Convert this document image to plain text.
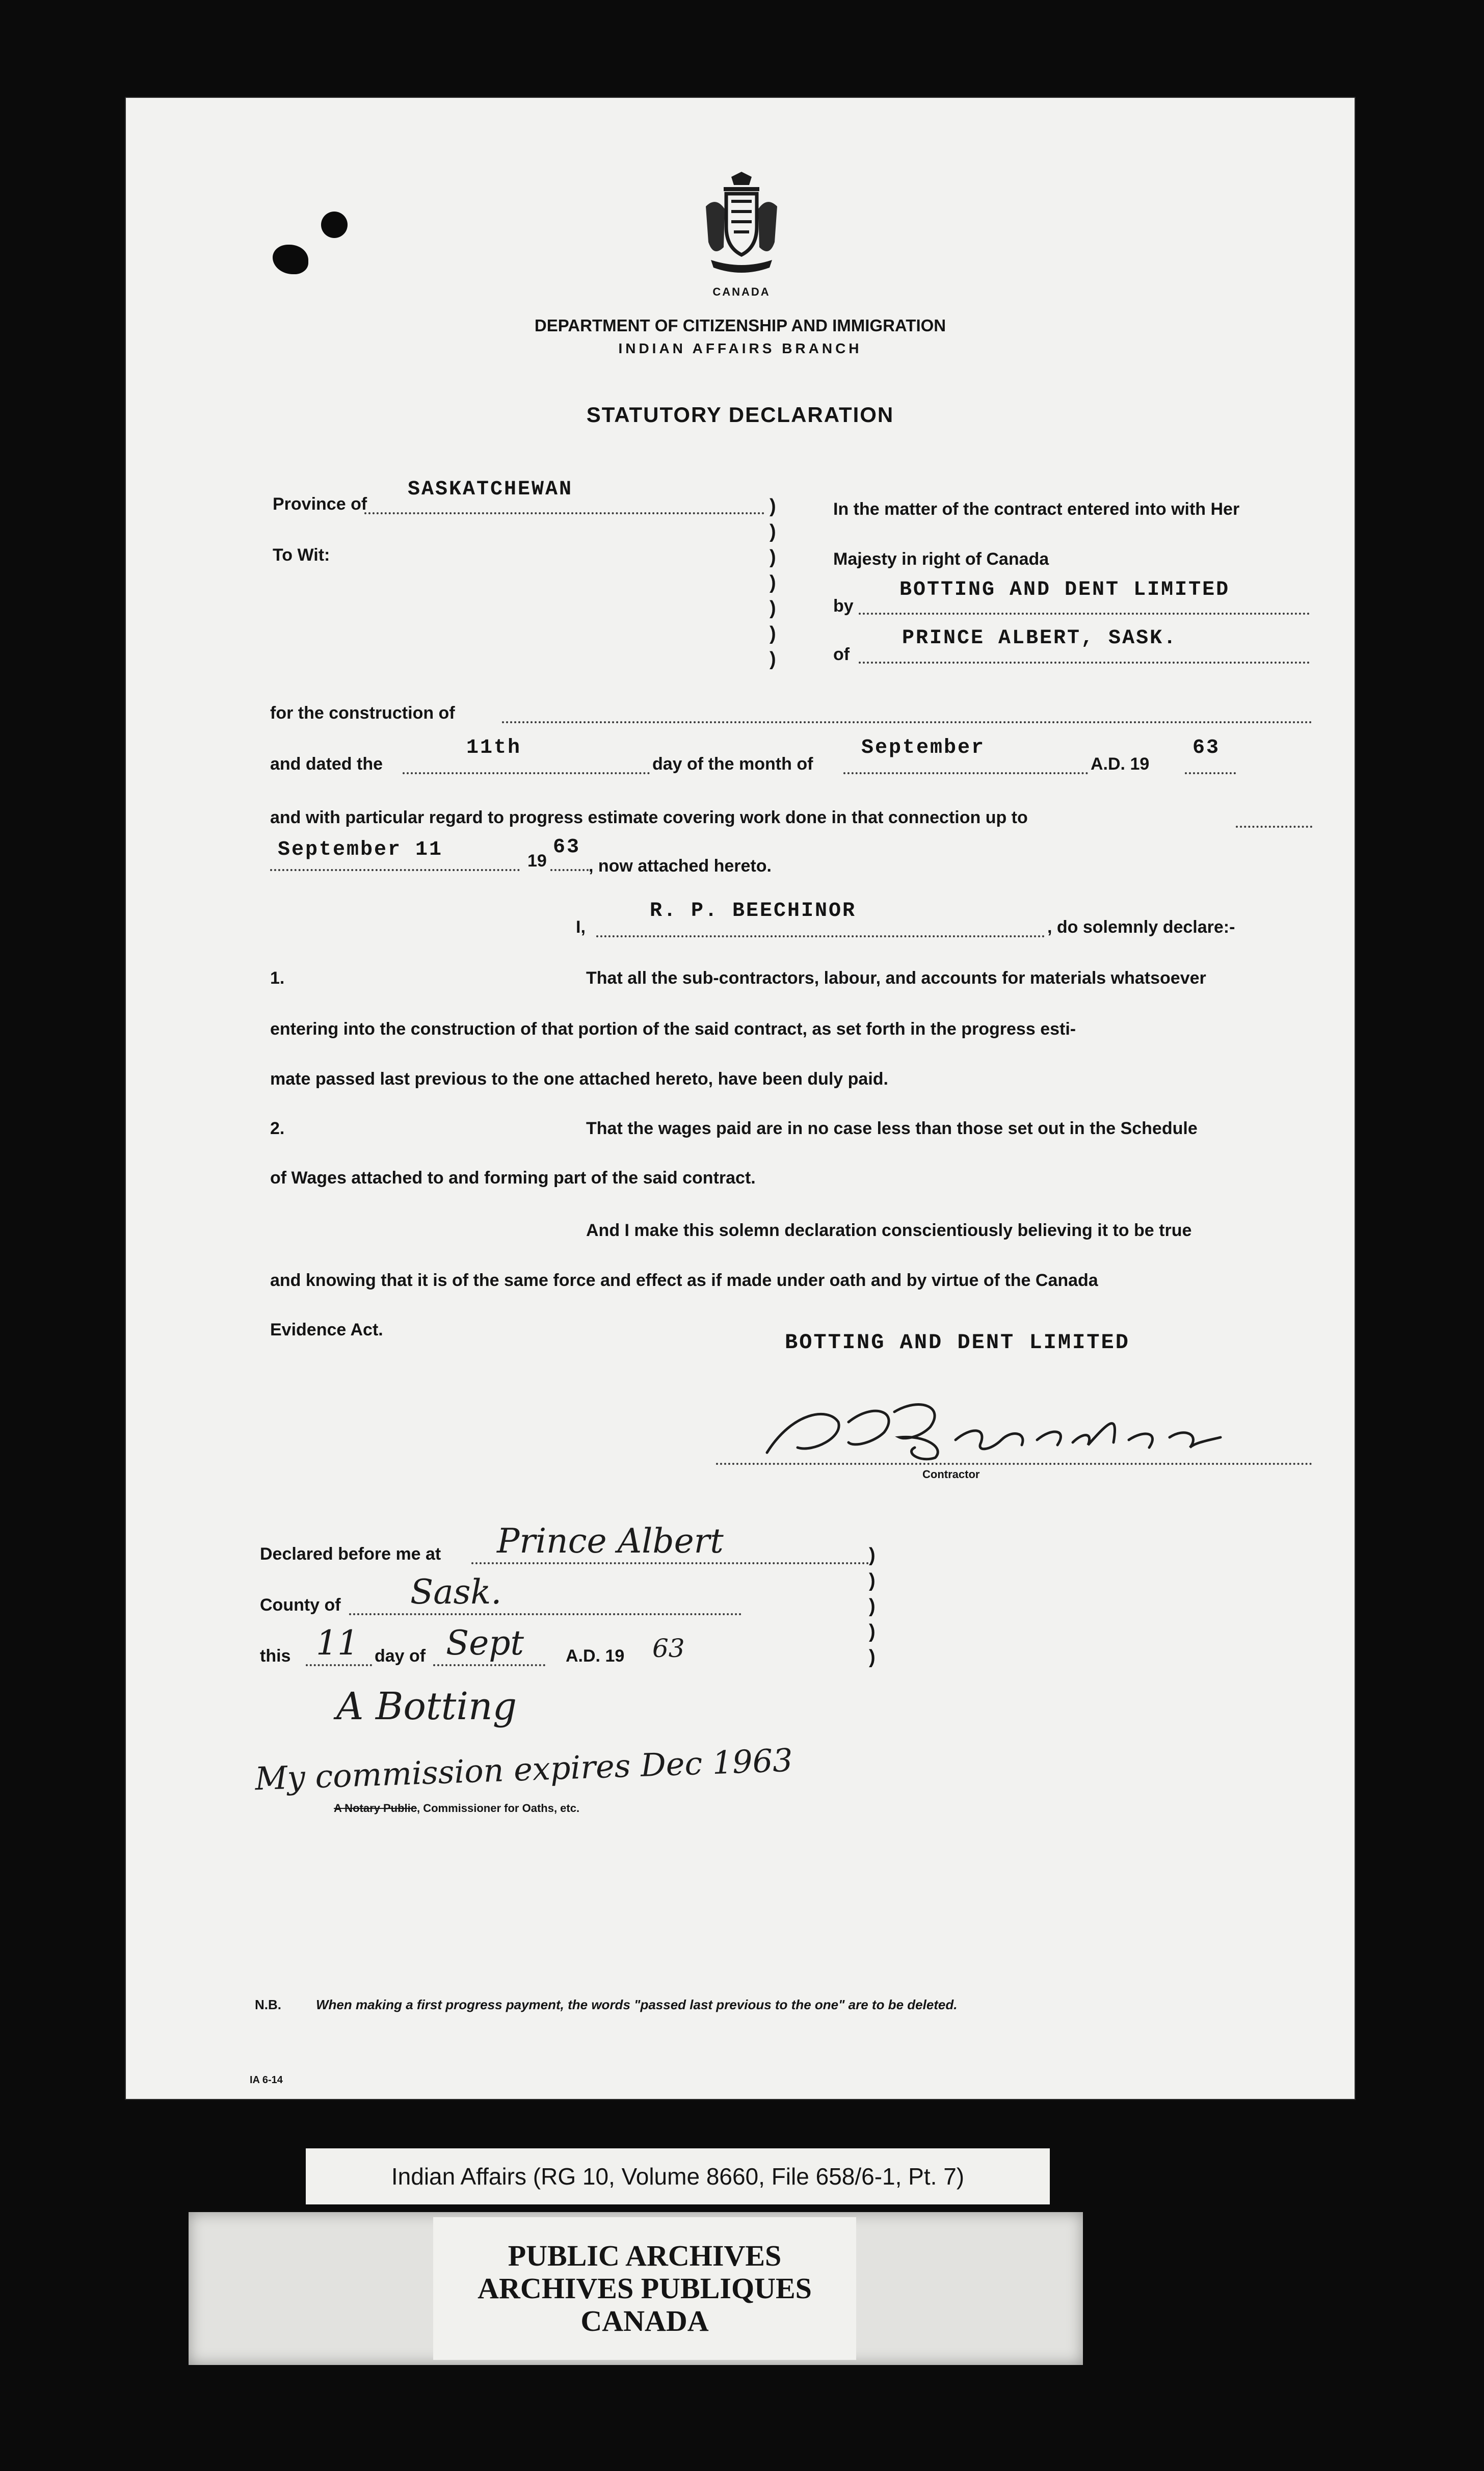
CANADA
DEPARTMENT OF CITIZENSHIP AND IMMIGRATION
INDIAN AFFAIRS BRANCH
STATUTORY DECLARATION
Province of
SASKATCHEWAN
To Wit:
)
)
)
)
)
)
)
In the matter of the contract entered into with Her
Majesty in right of Canada
by
BOTTING AND DENT LIMITED
of
PRINCE ALBERT, SASK.
for the construction of
and dated the
11th
day of the month of
September
A.D. 19
63
and with particular regard to progress estimate covering work done in that connection up to
September 11	19
63
, now attached hereto.
I,
R. P. BEECHINOR
, do solemnly declare:-
1.	That all the sub-contractors, labour, and accounts for materials whatsoever
entering into the construction of that portion of the said contract, as set forth in the progress esti-
mate passed last previous to the one attached hereto, have been duly paid.
2.	That the wages paid are in no case less than those set out in the Schedule
of Wages attached to and forming part of the said contract.
And I make this solemn declaration conscientiously believing it to be true
and knowing that it is of the same force and effect as if made under oath and by virtue of the Canada
Evidence Act.
BOTTING AND DENT LIMITED
Contractor
Declared before me at Prince Albert
County of Sask.
this 11 day of Sept A.D. 19 63
)
)
)
)
)
A Botting
My commission expires Dec 1963
A Notary Public, Commissioner for Oaths, etc.
N.B.	When making a first progress payment, the words "passed last previous to the one" are to be deleted.
IA 6-14
Indian Affairs (RG 10, Volume 8660, File 658/6-1, Pt. 7)
PUBLIC ARCHIVES
ARCHIVES PUBLIQUES
CANADA
